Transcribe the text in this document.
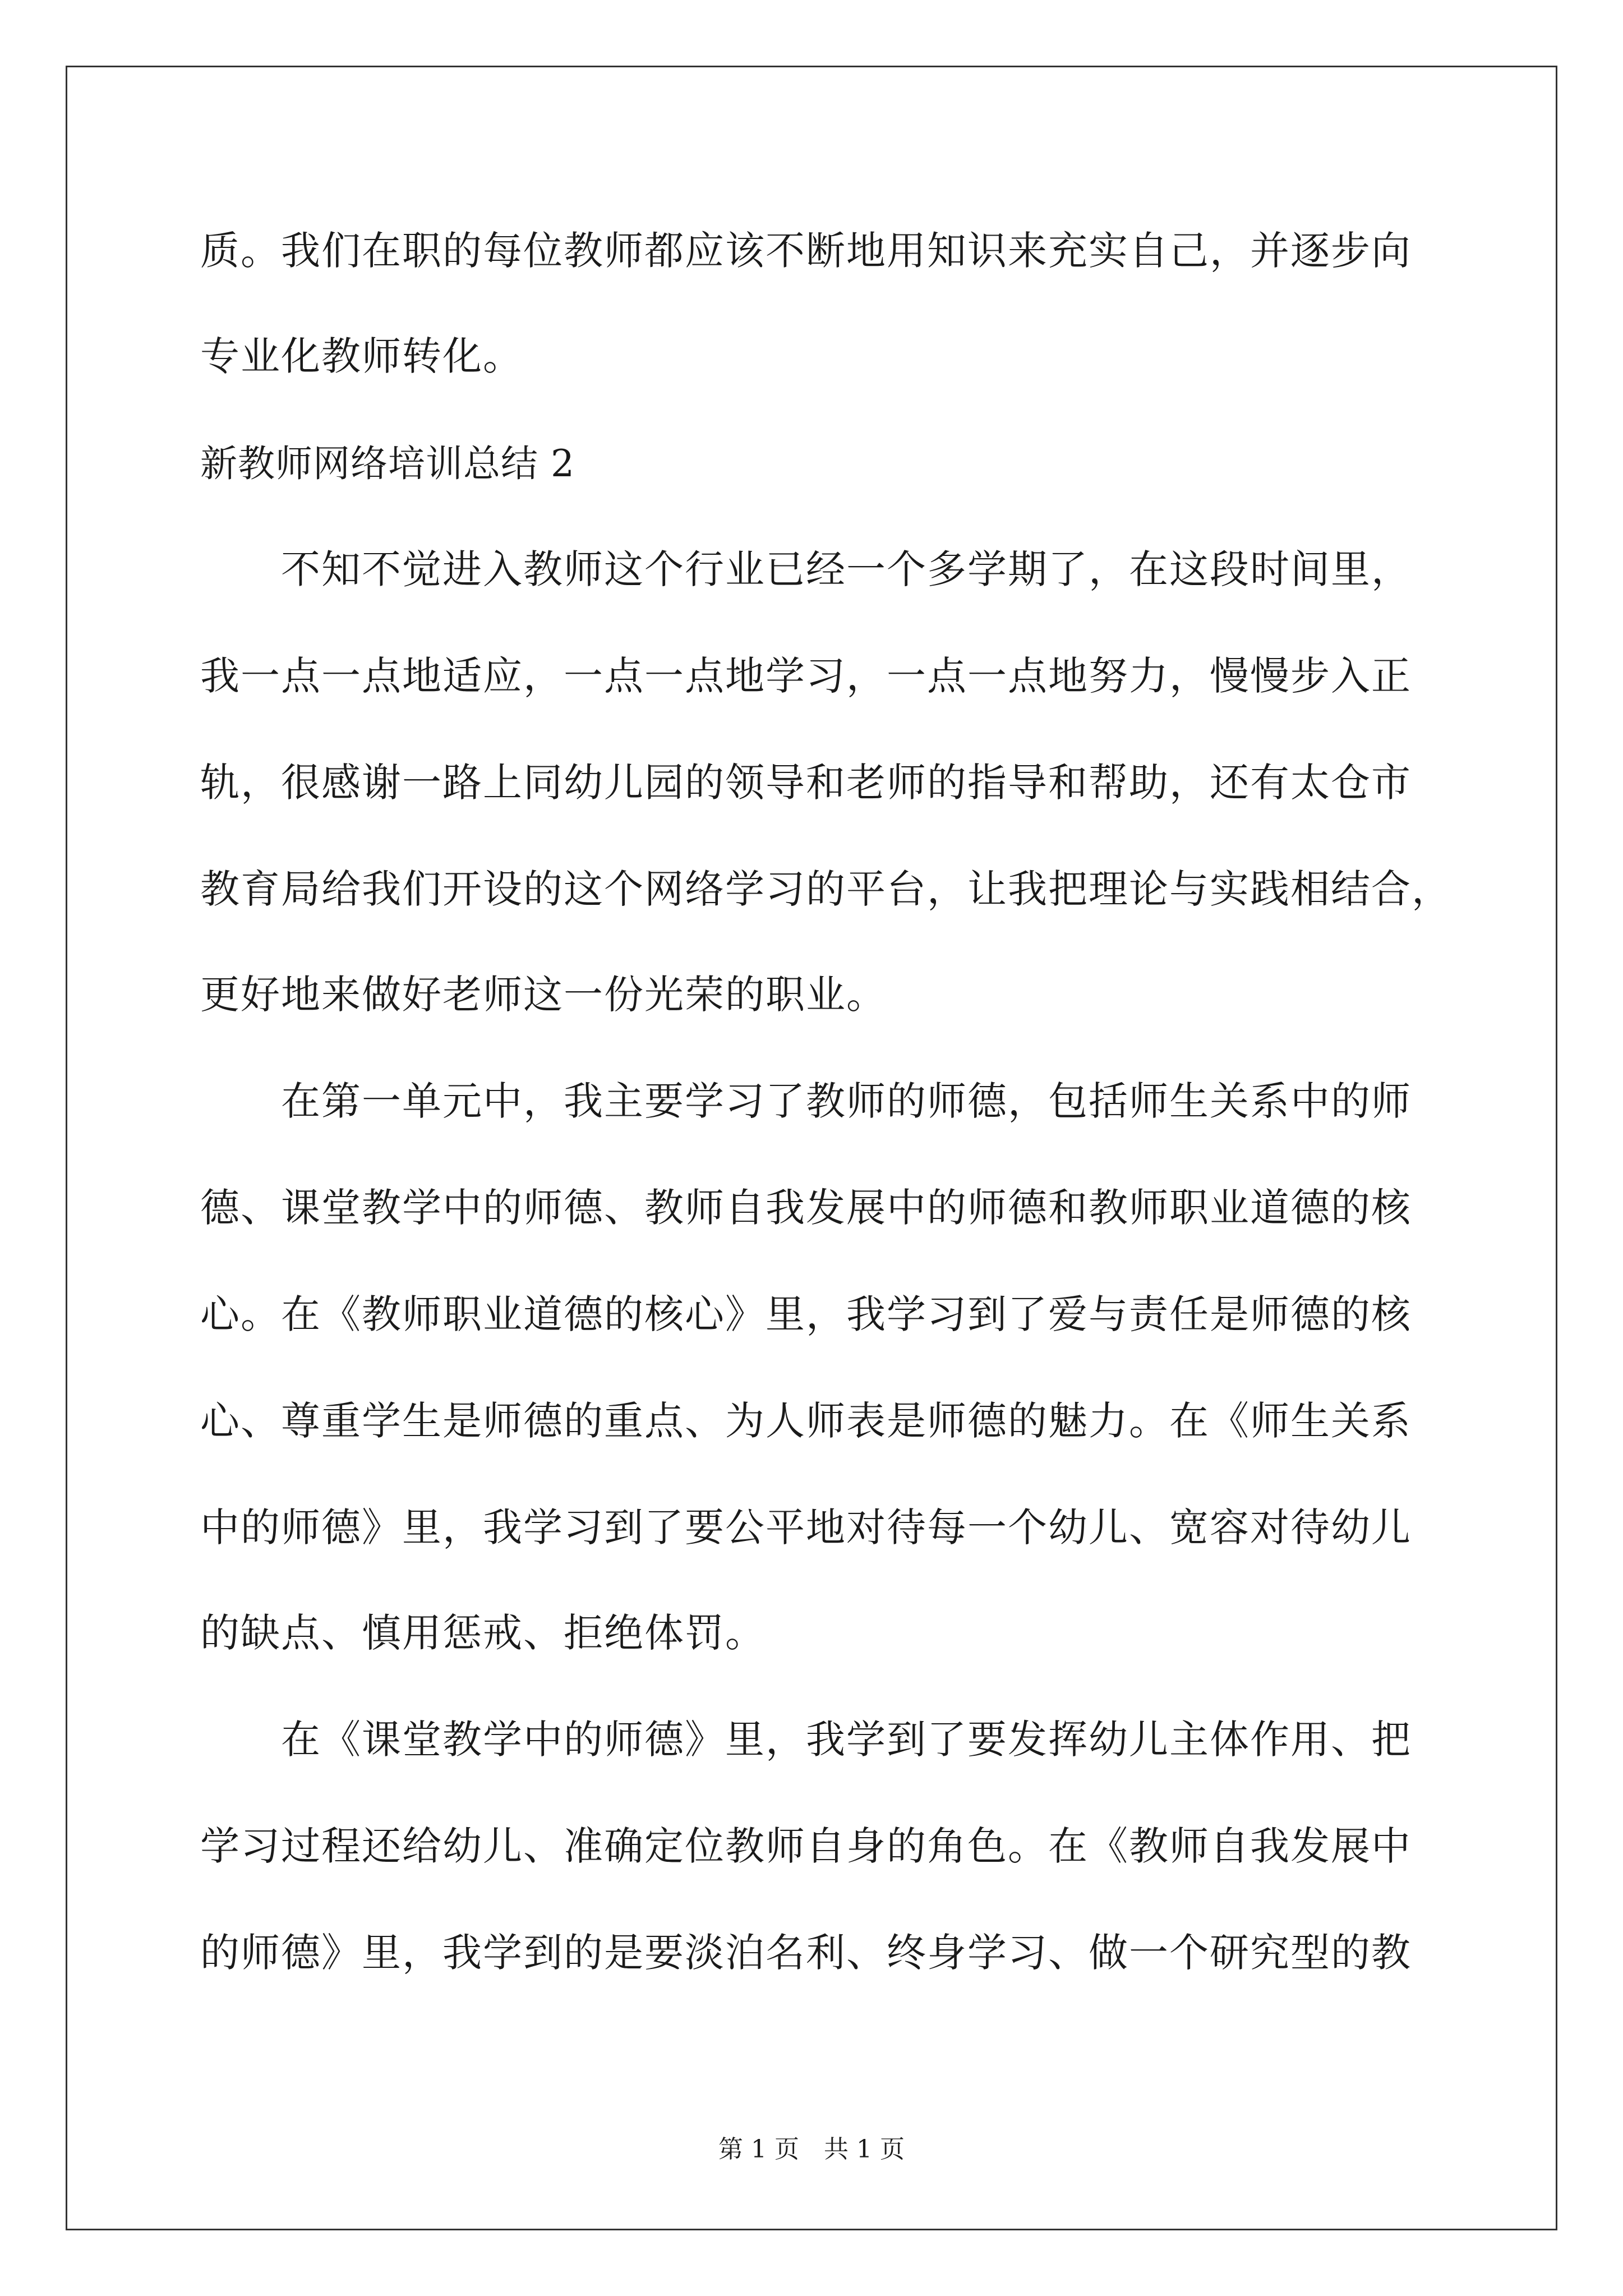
质。我们在职的每位教师都应该不断地用知识来充实自己，并逐步向
专业化教师转化。
新教师网络培训总结 2
　　不知不觉进入教师这个行业已经一个多学期了，在这段时间里，
我一点一点地适应，一点一点地学习，一点一点地努力，慢慢步入正
轨，很感谢一路上同幼儿园的领导和老师的指导和帮助，还有太仓市
教育局给我们开设的这个网络学习的平台，让我把理论与实践相结合，
更好地来做好老师这一份光荣的职业。
　　在第一单元中，我主要学习了教师的师德，包括师生关系中的师
德、课堂教学中的师德、教师自我发展中的师德和教师职业道德的核
心。在《教师职业道德的核心》里，我学习到了爱与责任是师德的核
心、尊重学生是师德的重点、为人师表是师德的魅力。在《师生关系
中的师德》里，我学习到了要公平地对待每一个幼儿、宽容对待幼儿
的缺点、慎用惩戒、拒绝体罚。
　　在《课堂教学中的师德》里，我学到了要发挥幼儿主体作用、把
学习过程还给幼儿、准确定位教师自身的角色。在《教师自我发展中
的师德》里，我学到的是要淡泊名利、终身学习、做一个研究型的教
第 1 页　共 1 页
